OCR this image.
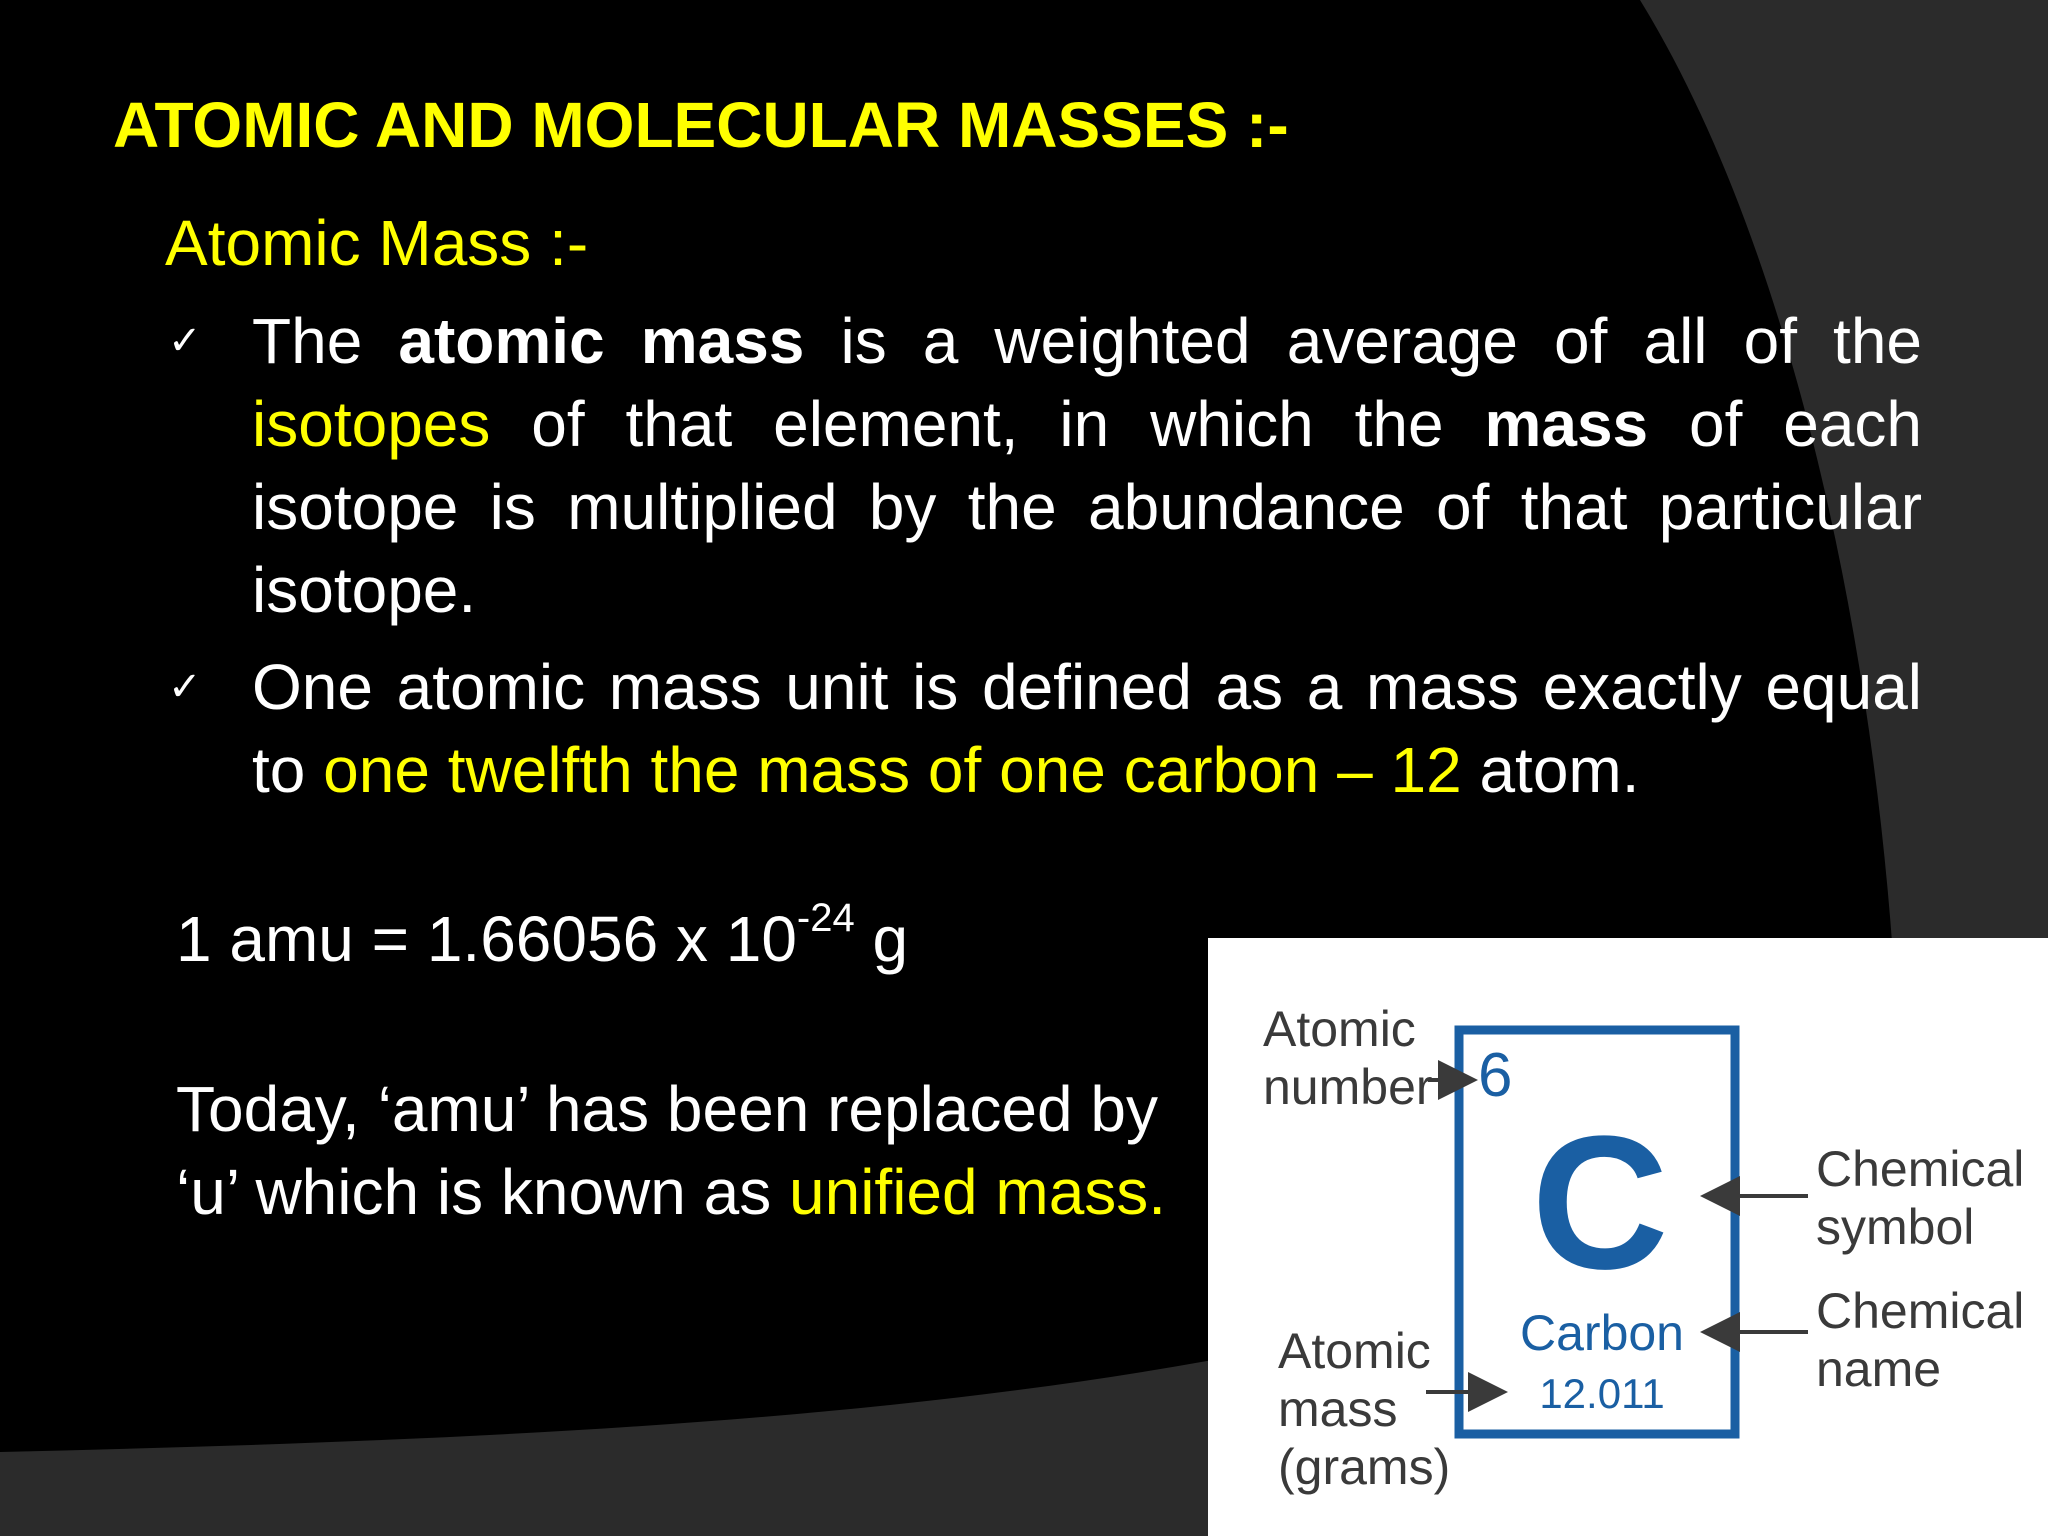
ATOMIC AND MOLECULAR MASSES :-
Atomic Mass :-
✓ The atomic mass is a weighted average of all of the isotopes of that element, in which the mass of each isotope is multiplied by the abundance of that particular isotope.
✓ One atomic mass unit is defined as a mass exactly equal to one twelfth the mass of one carbon – 12 atom.
1 amu = 1.66056 x $10^{-24}$ g
Today, ‘amu’ has been replaced by ‘u’ which is known as unified mass.
6
C
Carbon
12.011
Atomic
number
Atomic
mass
(grams)
Chemical
symbol
Chemical
name
